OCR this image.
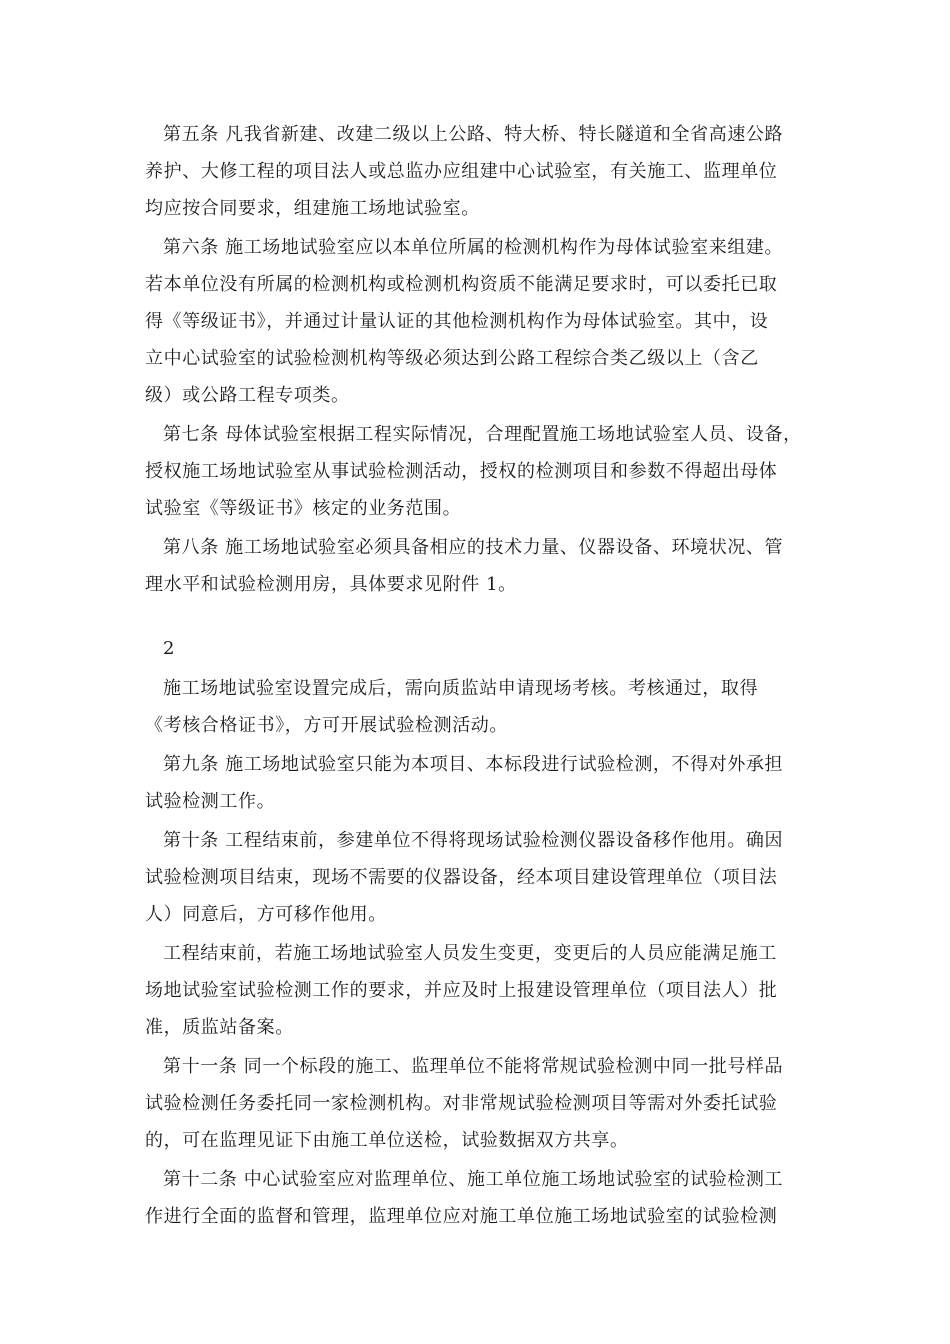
第五条 凡我省新建、改建二级以上公路、特大桥、特长隧道和全省高速公路
养护、大修工程的项目法人或总监办应组建中心试验室，有关施工、监理单位
均应按合同要求，组建施工场地试验室。
第六条 施工场地试验室应以本单位所属的检测机构作为母体试验室来组建。
若本单位没有所属的检测机构或检测机构资质不能满足要求时，可以委托已取
得《等级证书》，并通过计量认证的其他检测机构作为母体试验室。其中，设
立中心试验室的试验检测机构等级必须达到公路工程综合类乙级以上（含乙
级）或公路工程专项类。
第七条 母体试验室根据工程实际情况，合理配置施工场地试验室人员、设备，
授权施工场地试验室从事试验检测活动，授权的检测项目和参数不得超出母体
试验室《等级证书》核定的业务范围。
第八条 施工场地试验室必须具备相应的技术力量、仪器设备、环境状况、管
理水平和试验检测用房，具体要求见附件 1。
2
施工场地试验室设置完成后，需向质监站申请现场考核。考核通过，取得
《考核合格证书》，方可开展试验检测活动。
第九条 施工场地试验室只能为本项目、本标段进行试验检测，不得对外承担
试验检测工作。
第十条 工程结束前，参建单位不得将现场试验检测仪器设备移作他用。确因
试验检测项目结束，现场不需要的仪器设备，经本项目建设管理单位（项目法
人）同意后，方可移作他用。
工程结束前，若施工场地试验室人员发生变更，变更后的人员应能满足施工
场地试验室试验检测工作的要求，并应及时上报建设管理单位（项目法人）批
准，质监站备案。
第十一条 同一个标段的施工、监理单位不能将常规试验检测中同一批号样品
试验检测任务委托同一家检测机构。对非常规试验检测项目等需对外委托试验
的，可在监理见证下由施工单位送检，试验数据双方共享。
第十二条 中心试验室应对监理单位、施工单位施工场地试验室的试验检测工
作进行全面的监督和管理，监理单位应对施工单位施工场地试验室的试验检测
